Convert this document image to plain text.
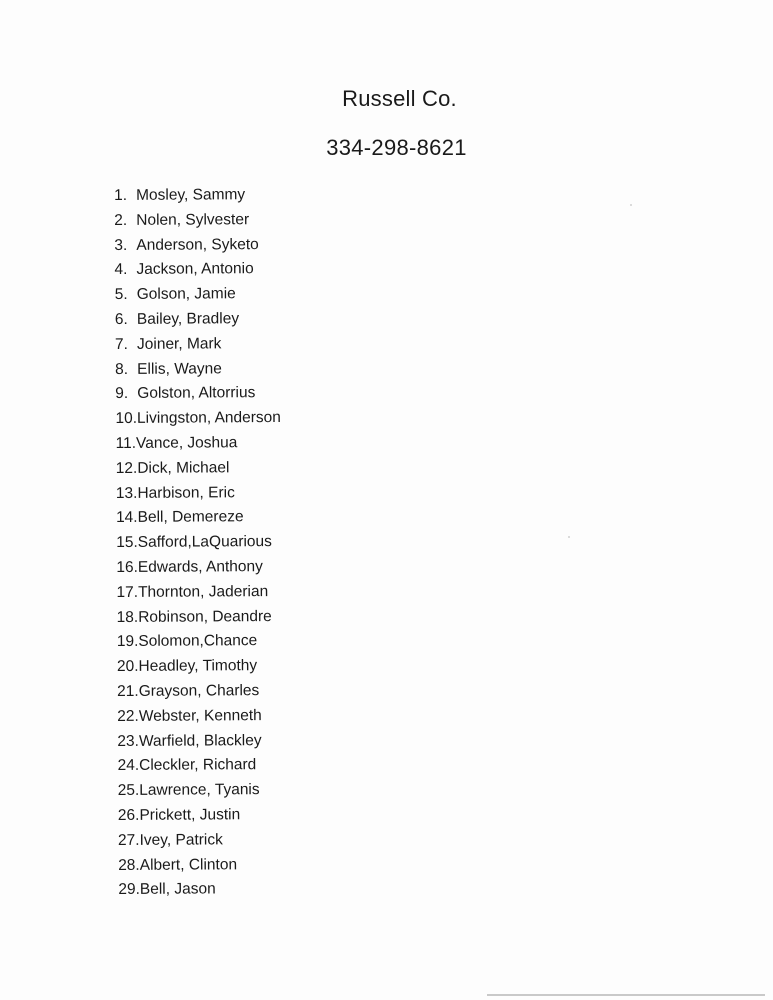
Russell Co.
334-298-8621
1. Mosley, Sammy
2. Nolen, Sylvester
3. Anderson, Syketo
4. Jackson, Antonio
5. Golson, Jamie
6. Bailey, Bradley
7. Joiner, Mark
8. Ellis, Wayne
9. Golston, Altorrius
10. Livingston, Anderson
11. Vance, Joshua
12. Dick, Michael
13. Harbison, Eric
14. Bell, Demereze
15. Safford,LaQuarious
16. Edwards, Anthony
17. Thornton, Jaderian
18. Robinson, Deandre
19. Solomon,Chance
20. Headley, Timothy
21. Grayson, Charles
22. Webster, Kenneth
23. Warfield, Blackley
24. Cleckler, Richard
25. Lawrence, Tyanis
26. Prickett, Justin
27. Ivey, Patrick
28. Albert, Clinton
29. Bell, Jason
